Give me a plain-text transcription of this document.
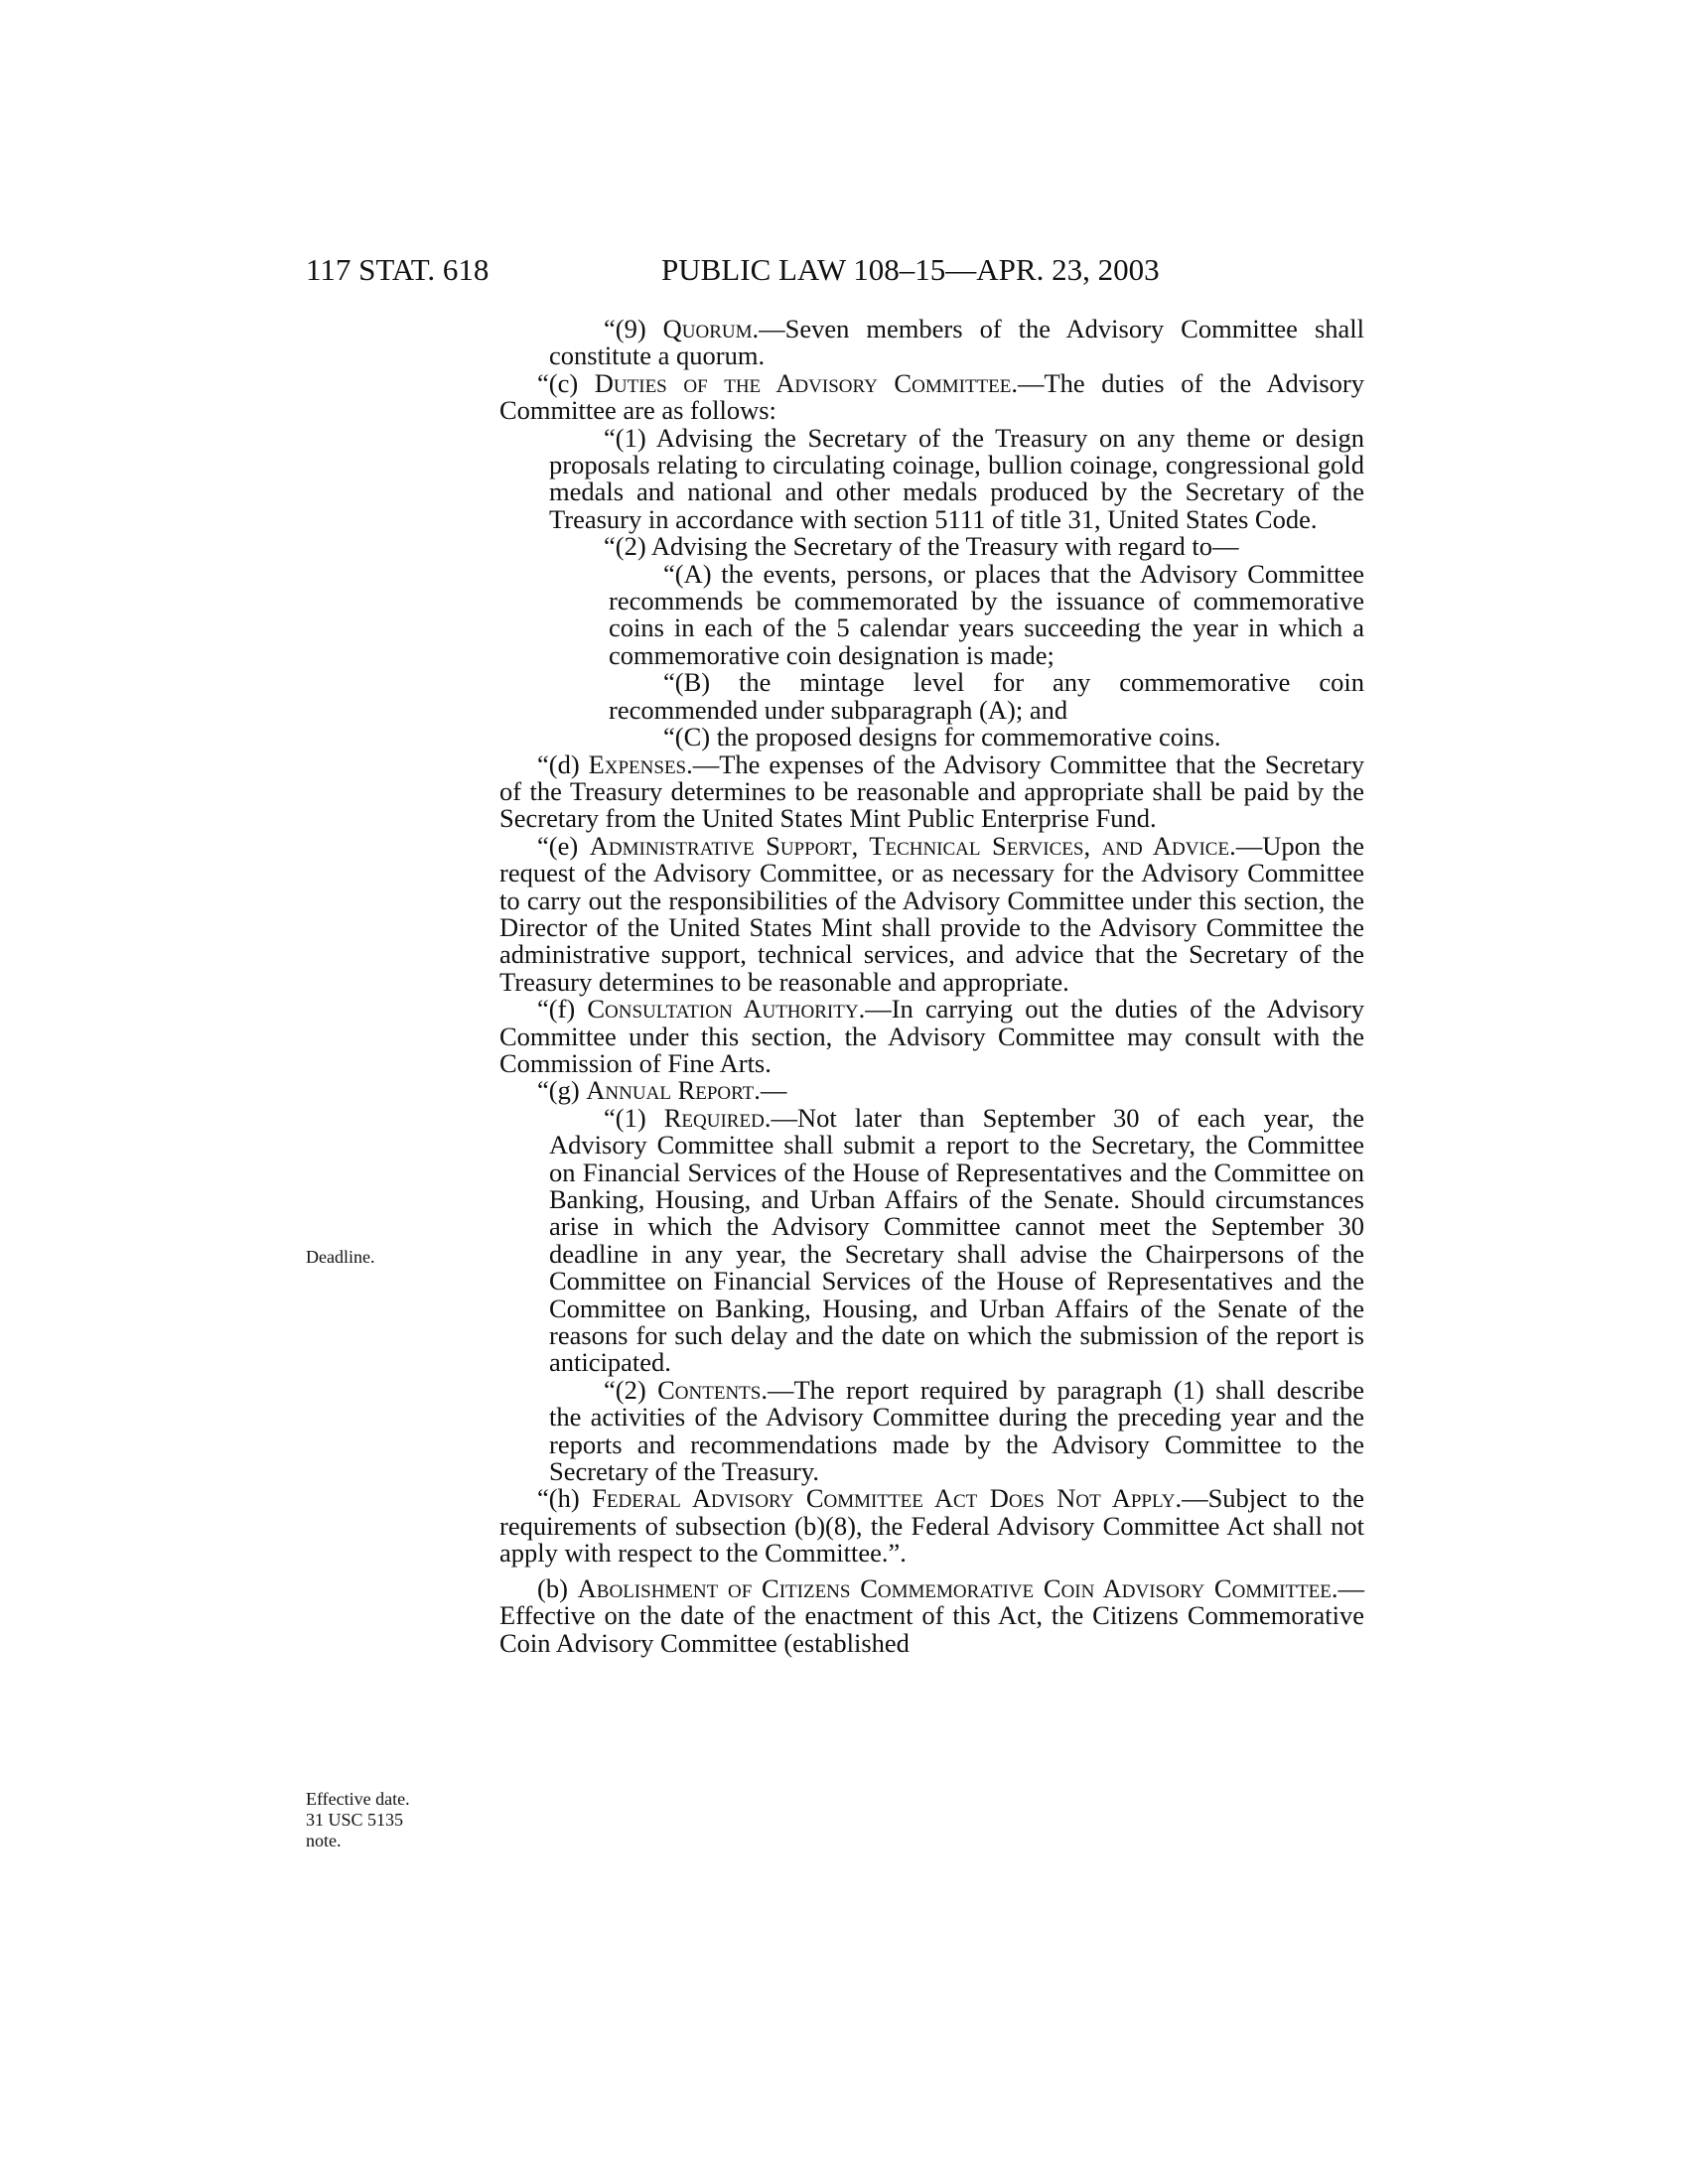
117 STAT. 618	PUBLIC LAW 108–15—APR. 23, 2003
Deadline.
Effective date.
31 USC 5135
note.

“(9) Quorum.—Seven members of the Advisory Committee shall constitute a quorum.

“(c) Duties of the Advisory Committee.—The duties of the Advisory Committee are as follows:

“(1) Advising the Secretary of the Treasury on any theme or design proposals relating to circulating coinage, bullion coinage, congressional gold medals and national and other medals produced by the Secretary of the Treasury in accordance with section 5111 of title 31, United States Code.

“(2) Advising the Secretary of the Treasury with regard to—

“(A) the events, persons, or places that the Advisory Committee recommends be commemorated by the issuance of commemorative coins in each of the 5 calendar years succeeding the year in which a commemorative coin designation is made;

“(B) the mintage level for any commemorative coin recommended under subparagraph (A); and

“(C) the proposed designs for commemorative coins.

“(d) Expenses.—The expenses of the Advisory Committee that the Secretary of the Treasury determines to be reasonable and appropriate shall be paid by the Secretary from the United States Mint Public Enterprise Fund.

“(e) Administrative Support, Technical Services, and Advice.—Upon the request of the Advisory Committee, or as necessary for the Advisory Committee to carry out the responsibilities of the Advisory Committee under this section, the Director of the United States Mint shall provide to the Advisory Committee the administrative support, technical services, and advice that the Secretary of the Treasury determines to be reasonable and appropriate.

“(f) Consultation Authority.—In carrying out the duties of the Advisory Committee under this section, the Advisory Committee may consult with the Commission of Fine Arts.

“(g) Annual Report.—

“(1) Required.—Not later than September 30 of each year, the Advisory Committee shall submit a report to the Secretary, the Committee on Financial Services of the House of Representatives and the Committee on Banking, Housing, and Urban Affairs of the Senate. Should circumstances arise in which the Advisory Committee cannot meet the September 30 deadline in any year, the Secretary shall advise the Chairpersons of the Committee on Financial Services of the House of Representatives and the Committee on Banking, Housing, and Urban Affairs of the Senate of the reasons for such delay and the date on which the submission of the report is anticipated.

“(2) Contents.—The report required by paragraph (1) shall describe the activities of the Advisory Committee during the preceding year and the reports and recommendations made by the Advisory Committee to the Secretary of the Treasury.

“(h) Federal Advisory Committee Act Does Not Apply.—Subject to the requirements of subsection (b)(8), the Federal Advisory Committee Act shall not apply with respect to the Committee.”.

(b) Abolishment of Citizens Commemorative Coin Advisory Committee.—Effective on the date of the enactment of this Act, the Citizens Commemorative Coin Advisory Committee (established
